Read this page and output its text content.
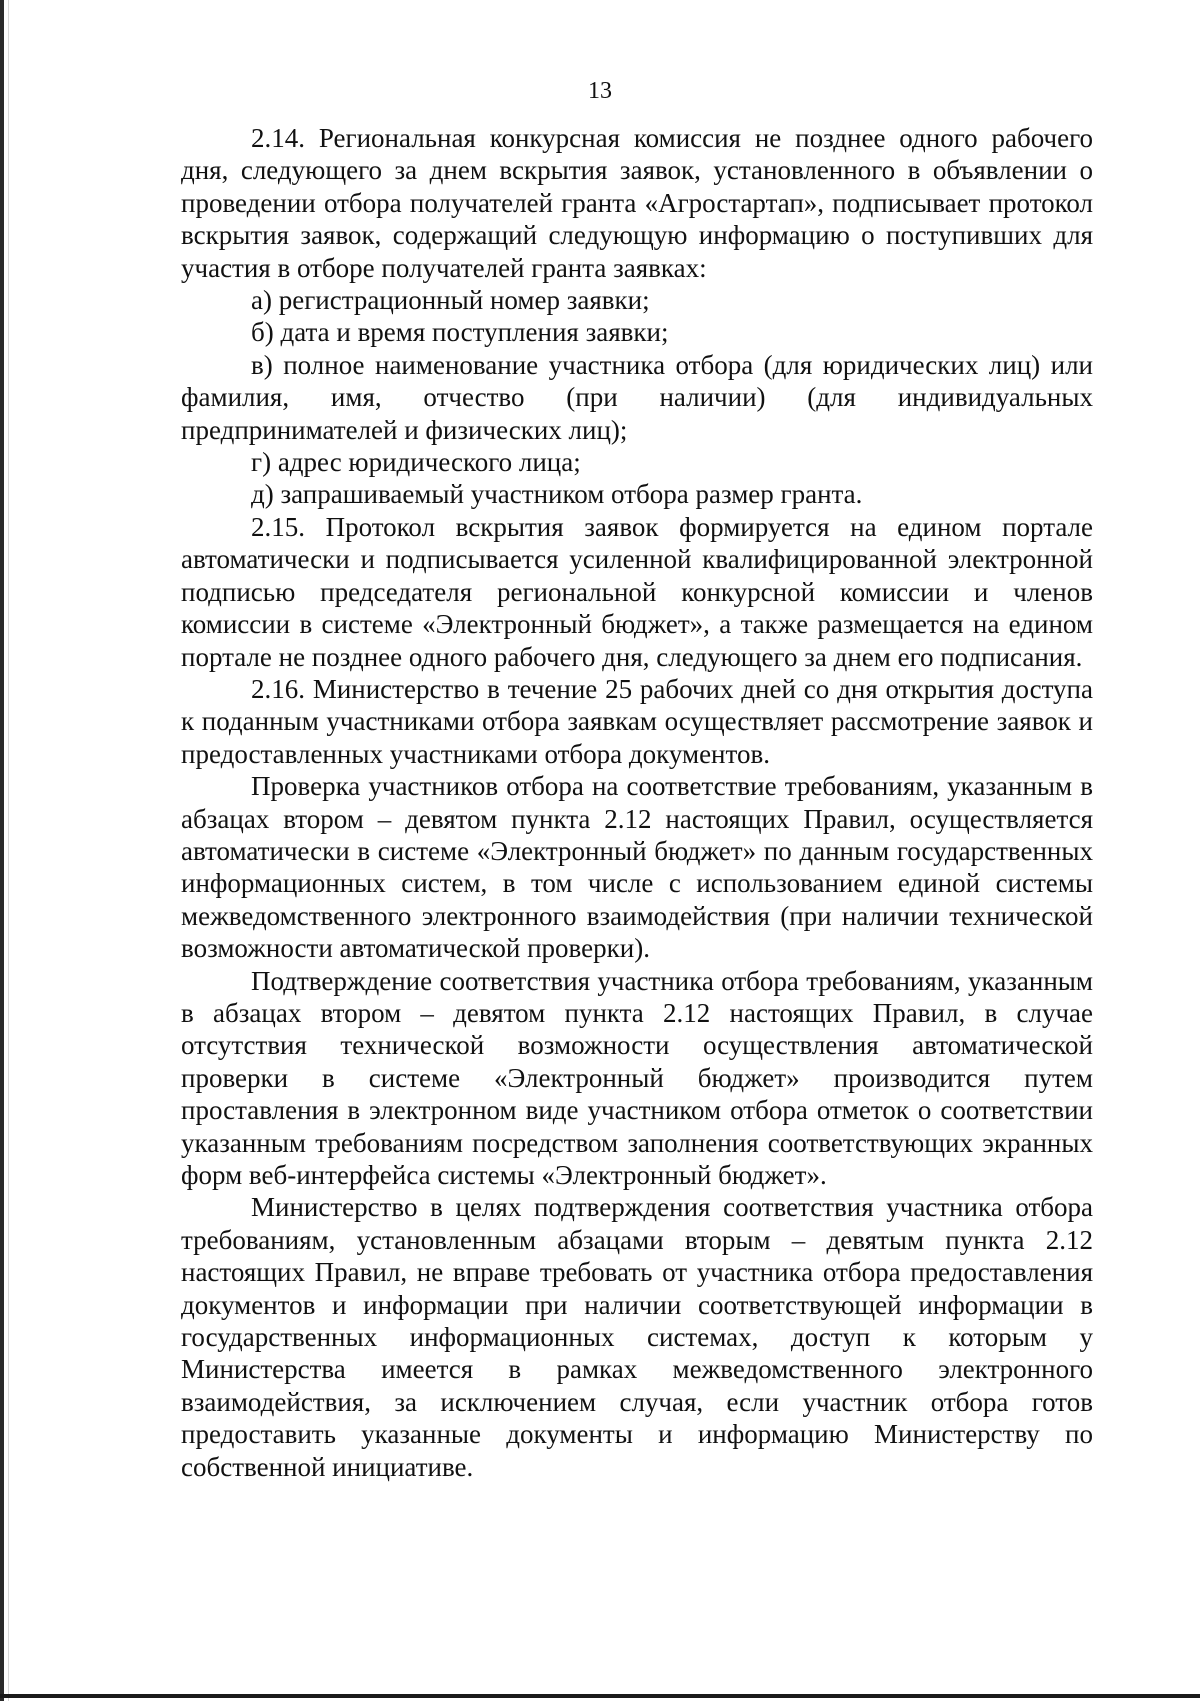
13

2.14. Региональная конкурсная комиссия не позднее одного рабочего дня, следующего за днем вскрытия заявок, установленного в объявлении о проведении отбора получателей гранта «Агростартап», подписывает протокол вскрытия заявок, содержащий следующую информацию о поступивших для участия в отборе получателей гранта заявках:

а) регистрационный номер заявки;

б) дата и время поступления заявки;

в) полное наименование участника отбора (для юридических лиц) или фамилия, имя, отчество (при наличии) (для индивидуальных предпринимателей и физических лиц);

г) адрес юридического лица;

д) запрашиваемый участником отбора размер гранта.

2.15. Протокол вскрытия заявок формируется на едином портале автоматически и подписывается усиленной квалифицированной электронной подписью председателя региональной конкурсной комиссии и членов комиссии в системе «Электронный бюджет», а также размещается на едином портале не позднее одного рабочего дня, следующего за днем его подписания.

2.16. Министерство в течение 25 рабочих дней со дня открытия доступа к поданным участниками отбора заявкам осуществляет рассмотрение заявок и предоставленных участниками отбора документов.

Проверка участников отбора на соответствие требованиям, указанным в абзацах втором – девятом пункта 2.12 настоящих Правил, осуществляется автоматически в системе «Электронный бюджет» по данным государственных информационных систем, в том числе с использованием единой системы межведомственного электронного взаимодействия (при наличии технической возможности автоматической проверки).

Подтверждение соответствия участника отбора требованиям, указанным в абзацах втором – девятом пункта 2.12 настоящих Правил, в случае отсутствия технической возможности осуществления автоматической проверки в системе «Электронный бюджет» производится путем проставления в электронном виде участником отбора отметок о соответствии указанным требованиям посредством заполнения соответствующих экранных форм веб-интерфейса системы «Электронный бюджет».

Министерство в целях подтверждения соответствия участника отбора требованиям, установленным абзацами вторым – девятым пункта 2.12 настоящих Правил, не вправе требовать от участника отбора предоставления документов и информации при наличии соответствующей информации в государственных информационных системах, доступ к которым у Министерства имеется в рамках межведомственного электронного взаимодействия, за исключением случая, если участник отбора готов предоставить указанные документы и информацию Министерству по собственной инициативе.
